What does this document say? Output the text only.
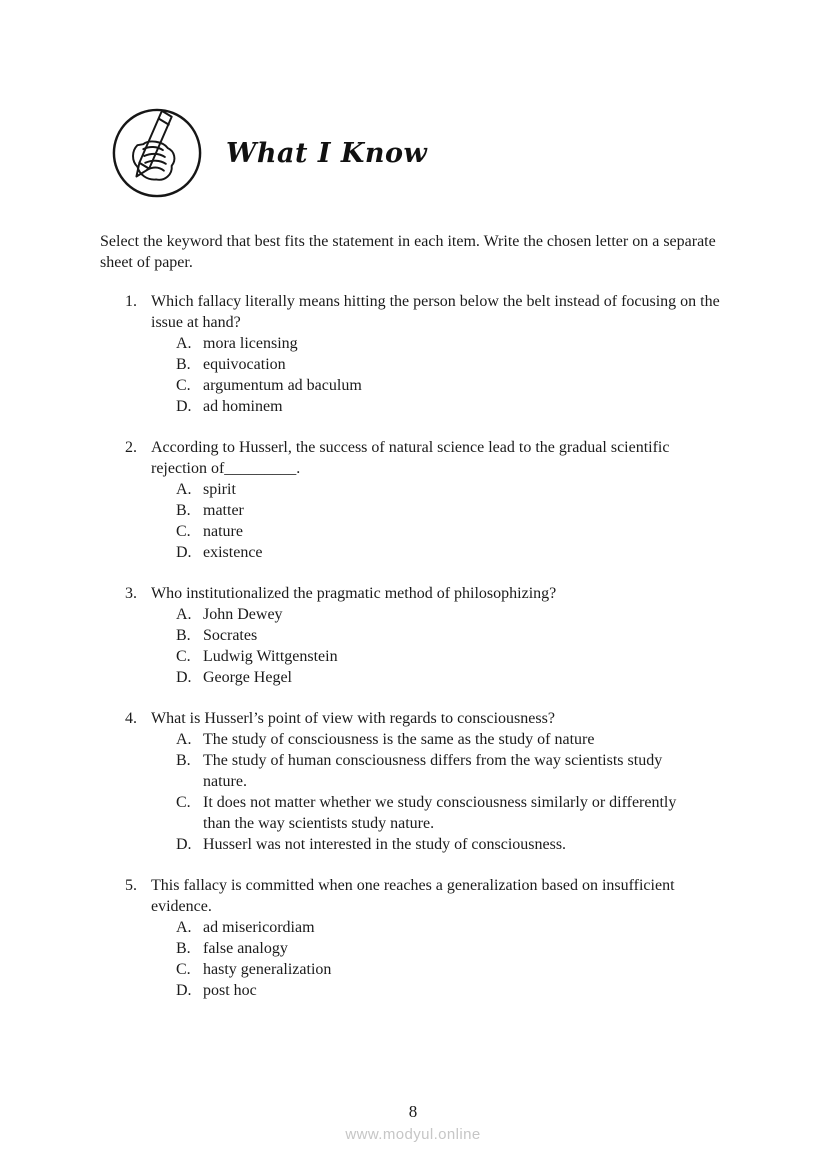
What I Know

Select the keyword that best fits the statement in each item. Write the chosen letter on a separate sheet of paper.

1. Which fallacy literally means hitting the person below the belt instead of focusing on the issue at hand?
A. mora licensing
B. equivocation
C. argumentum ad baculum
D. ad hominem
2. According to Husserl, the success of natural science lead to the gradual scientific rejection of_________.
A. spirit
B. matter
C. nature
D. existence
3. Who institutionalized the pragmatic method of philosophizing?
A. John Dewey
B. Socrates
C. Ludwig Wittgenstein
D. George Hegel
4. What is Husserl’s point of view with regards to consciousness?
A. The study of consciousness is the same as the study of nature
B. The study of human consciousness differs from the way scientists study nature.
C. It does not matter whether we study consciousness similarly or differently than the way scientists study nature.
D. Husserl was not interested in the study of consciousness.
5. This fallacy is committed when one reaches a generalization based on insufficient evidence.
A. ad misericordiam
B. false analogy
C. hasty generalization
D. post hoc
8
www.modyul.online
